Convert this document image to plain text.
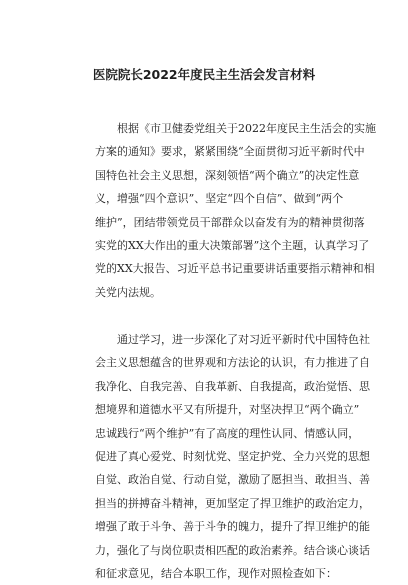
医院院长2022年度民主生活会发言材料
根据《市卫健委党组关于2022年度民主生活会的实施
方案的通知》要求，紧紧围绕“全面贯彻习近平新时代中
国特色社会主义思想，深刻领悟“两个确立”的决定性意
义，增强“四个意识”、坚定“四个自信”、做到“两个
维护”，团结带领党员干部群众以奋发有为的精神贯彻落
实党的XX大作出的重大决策部署”这个主题，认真学习了
党的XX大报告、习近平总书记重要讲话重要指示精神和相
关党内法规。
通过学习，进一步深化了对习近平新时代中国特色社
会主义思想蕴含的世界观和方法论的认识，有力推进了自
我净化、自我完善、自我革新、自我提高，政治觉悟、思
想境界和道德水平又有所提升，对坚决捍卫“两个确立”
忠诚践行“两个维护”有了高度的理性认同、情感认同，
促进了真心爱党、时刻忧党、坚定护党、全力兴党的思想
自觉、政治自觉、行动自觉，激励了愿担当、敢担当、善
担当的拼搏奋斗精神，更加坚定了捍卫维护的政治定力，
增强了敢于斗争、善于斗争的魄力，提升了捍卫维护的能
力，强化了与岗位职责相匹配的政治素养。结合谈心谈话
和征求意见，结合本职工作，现作对照检查如下：
